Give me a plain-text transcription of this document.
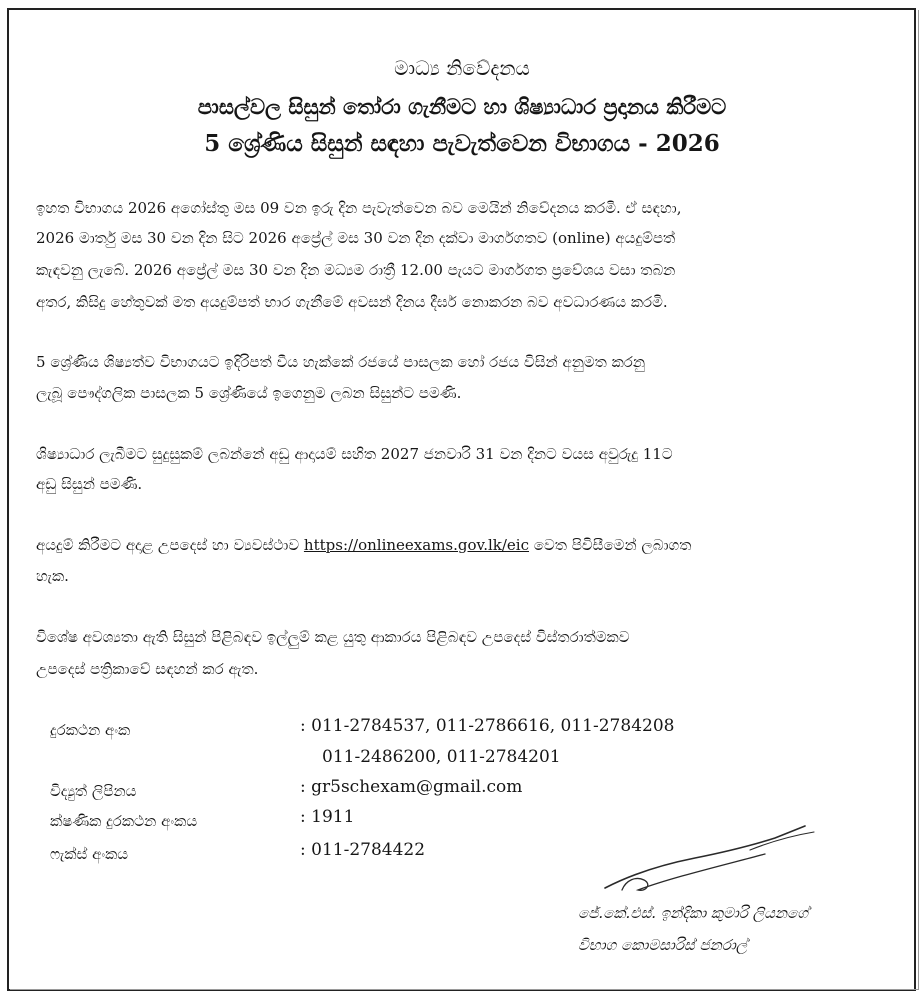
මාධ්‍ය නිවේදනය
පාසල්වල සිසුන් තෝරා ගැනීමට හා ශිෂ්‍යාධාර ප්‍රදානය කිරීමට
5 ශ්‍රේණිය සිසුන් සඳහා පැවැත්වෙන විභාගය - 2026
ඉහත විභාගය 2026 අගෝස්තු මස 09 වන ඉරු දින පැවැත්වෙන බව මෙයින් නිවේදනය කරමි. ඒ සඳහා,
2026 මාර්තු මස 30 වන දින සිට 2026 අප්‍රේල් මස 30 වන දින දක්වා මාර්ගගතව (online) අයදුම්පත්
කැඳවනු ලැබේ. 2026 අප්‍රේල් මස 30 වන දින මධ්‍යම රාත්‍රී 12.00 පැයට මාර්ගගත ප්‍රවේශය වසා තබන
අතර, කිසිදු හේතුවක් මත අයදුම්පත් භාර ගැනීමේ අවසන් දිනය දීර්ඝ නොකරන බව අවධාරණය කරමි.
5 ශ්‍රේණිය ශිෂ්‍යත්ව විභාගයට ඉදිරිපත් වීය හැක්කේ රජයේ පාසලක හෝ රජය විසින් අනුමත කරනු
ලැබූ පෞද්ගලික පාසලක 5 ශ්‍රේණියේ ඉගෙනුම ලබන සිසුන්ට පමණි.
ශිෂ්‍යාධාර ලැබීමට සුදුසුකම් ලබන්නේ අඩු ආදායම් සහිත 2027 ජනවාරි 31 වන දිනට වයස අවුරුදු 11ට
අඩු සිසුන් පමණි.
අයදුම් කිරීමට අදාළ උපදෙස් හා ව්‍යවස්ථාව https://onlineexams.gov.lk/eic වෙත පිවිසීමෙන් ලබාගත
හැක.
විශේෂ අවශ්‍යතා ඇති සිසුන් පිළිබඳව ඉල්ලුම් කළ යුතු ආකාරය පිළිබඳව උපදෙස් විස්තරාත්මකව
උපදෙස් පත්‍රිකාවේ සඳහන් කර ඇත.
දුරකථන අංක	: 011-2784537, 011-2786616, 011-2784208
011-2486200, 011-2784201
විද්‍යුත් ලිපිනය	: gr5schexam@gmail.com
ක්ෂණික දුරකථන අංකය	: 1911
ෆැක්ස් අංකය	: 011-2784422
ජේ.කේ.එස්. ඉන්දිකා කුමාරි ලියනගේ
විභාග කොමසාරිස් ජනරාල්
